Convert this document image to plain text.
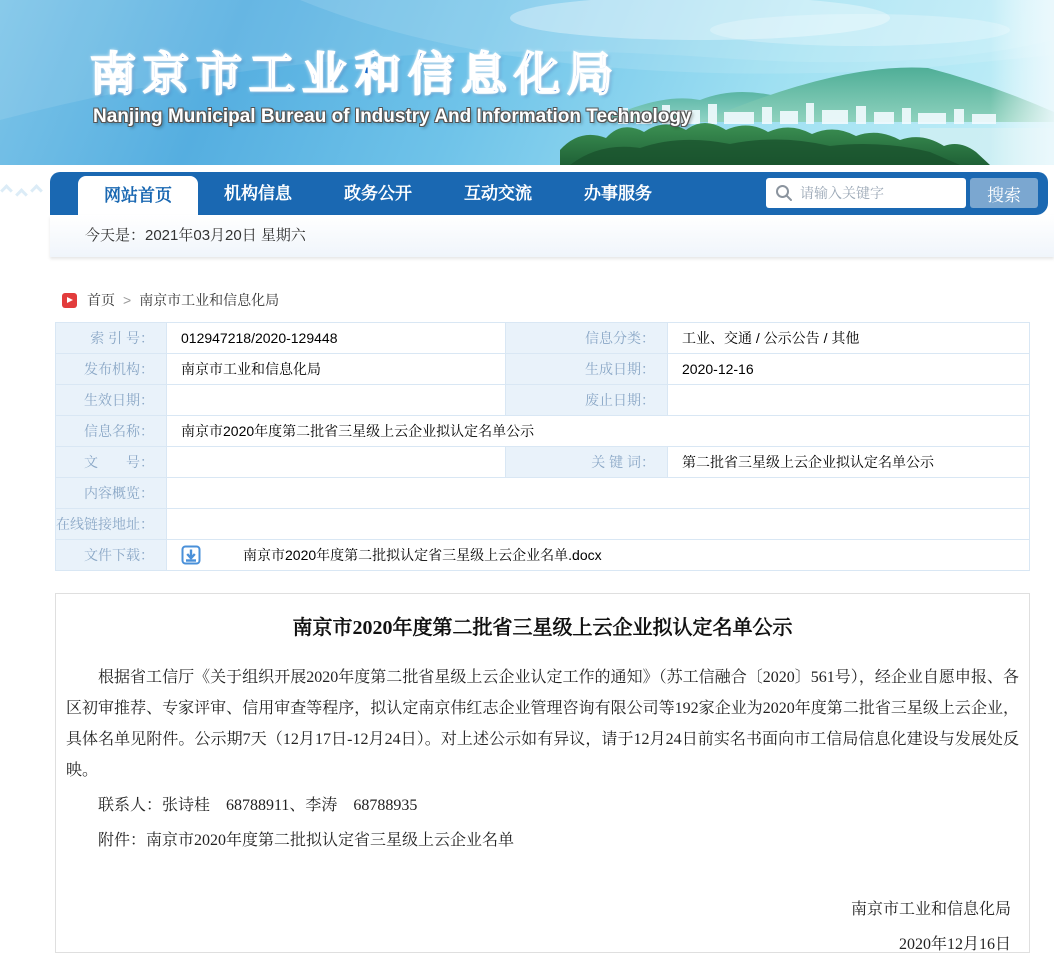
南京市工业和信息化局
Nanjing Municipal Bureau of Industry And Information Technology
网站首页	机构信息	政务公开	互动交流	办事服务
请输入关键字	搜索
今天是：2021年03月20日 星期六
首页 > 南京市工业和信息化局
索 引 号：	012947218/2020-129448	信息分类：	工业、交通 / 公示公告 / 其他
发布机构：	南京市工业和信息化局	生成日期：	2020-12-16
生效日期：		废止日期：	
信息名称：	南京市2020年度第二批省三星级上云企业拟认定名单公示		
文　　号：		关 键 词：	第二批省三星级上云企业拟认定名单公示
内容概览：			
在线链接地址：			
文件下载：	南京市2020年度第二批拟认定省三星级上云企业名单.docx		
南京市2020年度第二批省三星级上云企业拟认定名单公示

根据省工信厅《关于组织开展2020年度第二批省星级上云企业认定工作的通知》（苏工信融合〔2020〕561号），经企业自愿申报、各区初审推荐、专家评审、信用审查等程序，拟认定南京伟红志企业管理咨询有限公司等192家企业为2020年度第二批省三星级上云企业，具体名单见附件。公示期7天（12月17日-12月24日）。对上述公示如有异议，请于12月24日前实名书面向市工信局信息化建设与发展处反映。

联系人：张诗桂　68788911、李涛　68788935
附件：南京市2020年度第二批拟认定省三星级上云企业名单
南京市工业和信息化局
2020年12月16日
